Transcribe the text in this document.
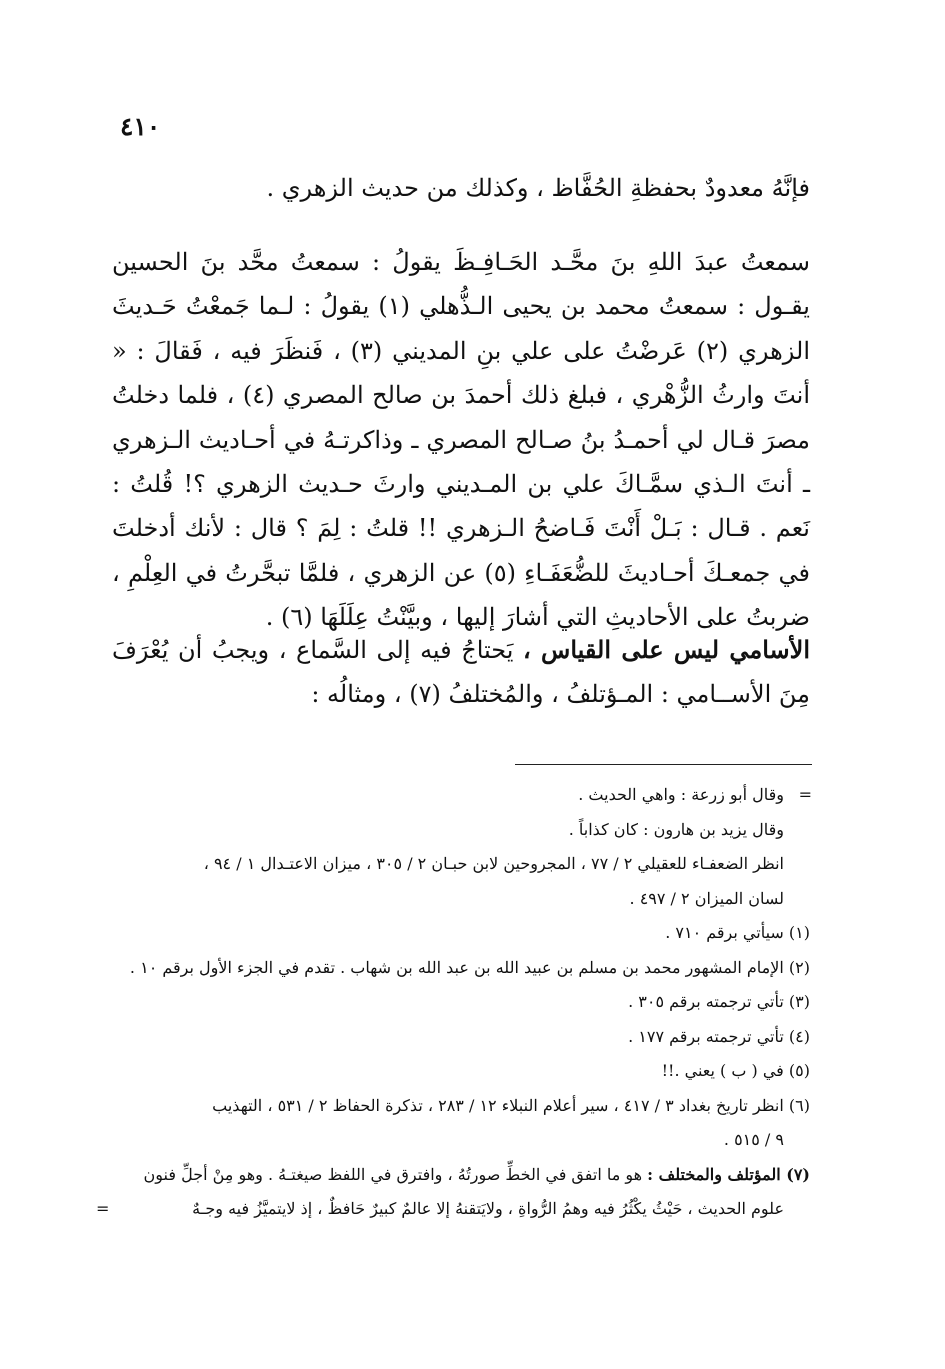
٤١٠

فإنَّهُ معدودٌ بحفظةِ الحُفَّاظ ، وكذلك من حديث الزهري .

سمعتُ عبدَ اللهِ بنَ محَّـد الحَـافِـظَ يقولُ : سمعتُ محَّد بنَ الحسين يقـول : سمعتُ محمد بن يحيى الـذُّهلي (١) يقولُ : لـما جَمعْتُ حَـديثَ الزهري (٢) عَرضْتُ على علي بنِ المديني (٣) ، فَنظَرَ فيه ، فَقالَ : « أنتَ وارثُ الزُّهْري ، فبلغ ذلك أحمدَ بن صالح المصري (٤) ، فلما دخلتُ مصرَ قـال لي أحمـدُ بنُ صـالح المصري ـ وذاكرتـهُ في أحـاديث الـزهري ـ أنتَ الـذي سمَّـاكَ علي بن المـديني وارثَ حـديث الزهري ؟! قُلتُ : نَعم . قـال : بَـلْ أَنْتَ فَـاضحُ الـزهري !! قلتُ : لِمَ ؟ قال : لأنك أدخلتَ في جمعـكَ أحـاديثَ للضُّعَفَـاءِ (٥) عن الزهري ، فلمَّا تبحَّرتُ في العِلْمِ ، ضربتُ على الأحاديثِ التي أشارَ إليها ، وبيَّنْتُ عِلَلَهَا (٦) .

الأسامي ليس على القياس ، يَحتاجُ فيه إلى السَّماع ، ويجبُ أن يُعْرَفَ مِنَ الأســامي : المـؤتلفُ ، والمُختلفُ (٧) ، ومثالُه :

=

وقال أبو زرعة : واهي الحديث .

وقال يزيد بن هارون : كان كذاباً .

انظر الضعفـاء للعقيلي ٢ / ٧٧ ، المجروحين لابن حبـان ٢ / ٣٠٥ ، ميزان الاعتـدال ١ / ٩٤ ،

لسان الميزان ٢ / ٤٩٧ .

(١) سيأتي برقم ٧١٠ .

(٢) الإمام المشهور محمد بن مسلم بن عبيد الله بن عبد الله بن شهاب . تقدم في الجزء الأول برقم ١٠ .

(٣) تأتي ترجمته برقم ٣٠٥ .

(٤) تأتي ترجمته برقم ١٧٧ .

(٥) في ( ب ) يعني .!!

(٦) انظر تاريخ بغداد ٣ / ٤١٧ ، سير أعلام النبلاء ١٢ / ٢٨٣ ، تذكرة الحفاظ ٢ / ٥٣١ ، التهذيب

٩ / ٥١٥ .

(٧) المؤتلف والمختلف : هو ما اتفق في الخطِّ صورتُهُ ، وافترق في اللفظ صيغتـهُ . وهو مِنْ أجلِّ فنون

علوم الحديث ، حَيْثُ يكْثُرُ فيه وهمُ الرُّواةِ ، ولايَتقنهُ إلا عالمٌ كبيرٌ حَافظٌ ، إذ لايتميَّزُ فيه وجـهٌ
=
